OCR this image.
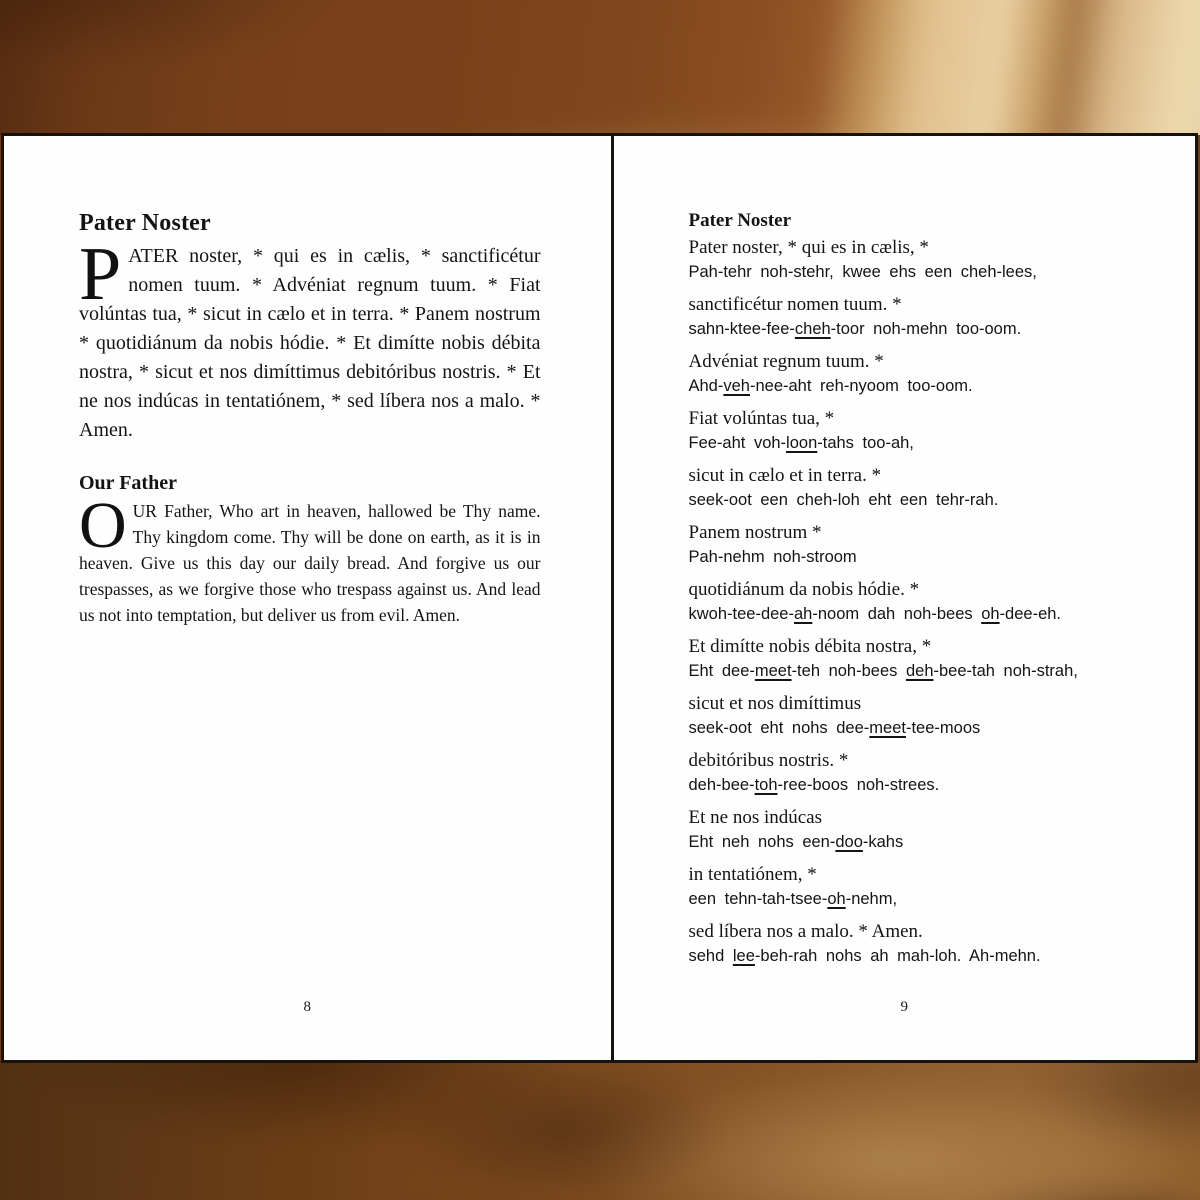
Pater Noster

PATER noster, * qui es in cælis, * sanctificétur nomen tuum. * Advéniat regnum tuum. * Fiat volúntas tua, * sicut in cælo et in terra. * Panem nostrum * quotidiánum da nobis hódie. * Et dimítte nobis débita nostra, * sicut et nos dimíttimus debitóribus nostris. * Et ne nos indúcas in tentatiónem, * sed líbera nos a malo. * Amen.

Our Father

OUR Father, Who art in heaven, hallowed be Thy name. Thy kingdom come. Thy will be done on earth, as it is in heaven. Give us this day our daily bread. And forgive us our trespasses, as we forgive those who trespass against us. And lead us not into temptation, but deliver us from evil. Amen.

8
Pater Noster
Pater noster, * qui es in cælis, *
Pah-tehr noh-stehr, kwee ehs een cheh-lees,
sanctificétur nomen tuum. *
sahn-ktee-fee-cheh-toor noh-mehn too-oom.
Advéniat regnum tuum. *
Ahd-veh-nee-aht reh-nyoom too-oom.
Fiat volúntas tua, *
Fee-aht voh-loon-tahs too-ah,
sicut in cælo et in terra. *
seek-oot een cheh-loh eht een tehr-rah.
Panem nostrum *
Pah-nehm noh-stroom
quotidiánum da nobis hódie. *
kwoh-tee-dee-ah-noom dah noh-bees oh-dee-eh.
Et dimítte nobis débita nostra, *
Eht dee-meet-teh noh-bees deh-bee-tah noh-strah,
sicut et nos dimíttimus
seek-oot eht nohs dee-meet-tee-moos
debitóribus nostris. *
deh-bee-toh-ree-boos noh-strees.
Et ne nos indúcas
Eht neh nohs een-doo-kahs
in tentatiónem, *
een tehn-tah-tsee-oh-nehm,
sed líbera nos a malo. * Amen.
sehd lee-beh-rah nohs ah mah-loh. Ah-mehn.
9
